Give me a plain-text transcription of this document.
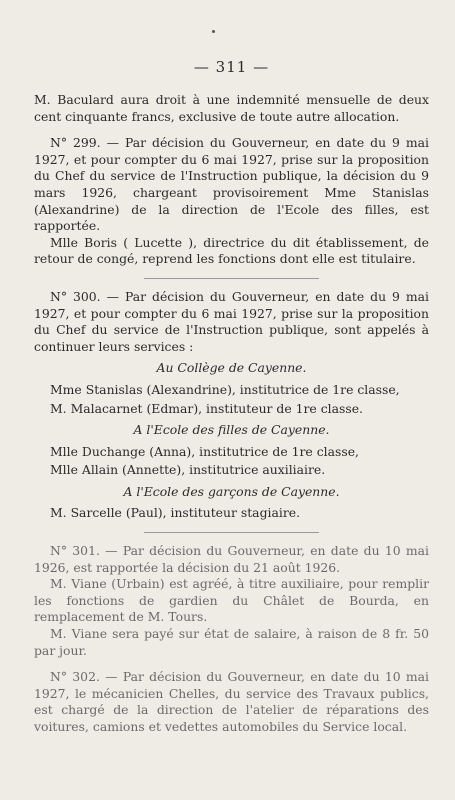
— 311 —

M. Baculard aura droit à une indemnité mensuelle de deux cent cinquante francs, exclusive de toute autre allocation.

N° 299. — Par décision du Gouverneur, en date du 9 mai 1927, et pour compter du 6 mai 1927, prise sur la proposition du Chef du service de l'Instruction publique, la décision du 9 mars 1926, chargeant provisoirement Mme Stanislas (Alexandrine) de la direction de l'Ecole des filles, est rapportée.

Mlle Boris ( Lucette ), directrice du dit établissement, de retour de congé, reprend les fonctions dont elle est titulaire.

N° 300. — Par décision du Gouverneur, en date du 9 mai 1927, et pour compter du 6 mai 1927, prise sur la proposition du Chef du service de l'Instruction publique, sont appelés à continuer leurs services :

Au Collège de Cayenne.
Mme Stanislas (Alexandrine), institutrice de 1re classe,
M. Malacarnet (Edmar), instituteur de 1re classe.
A l'Ecole des filles de Cayenne.
Mlle Duchange (Anna), institutrice de 1re classe,
Mlle Allain (Annette), institutrice auxiliaire.
A l'Ecole des garçons de Cayenne.
M. Sarcelle (Paul), instituteur stagiaire.

N° 301. — Par décision du Gouverneur, en date du 10 mai 1926, est rapportée la décision du 21 août 1926.

M. Viane (Urbain) est agréé, à titre auxiliaire, pour remplir les fonctions de gardien du Châlet de Bourda, en remplacement de M. Tours.

M. Viane sera payé sur état de salaire, à raison de 8 fr. 50 par jour.

N° 302. — Par décision du Gouverneur, en date du 10 mai 1927, le mécanicien Chelles, du service des Travaux publics, est chargé de la direction de l'atelier de réparations des voitures, camions et vedettes automobiles du Service local.
